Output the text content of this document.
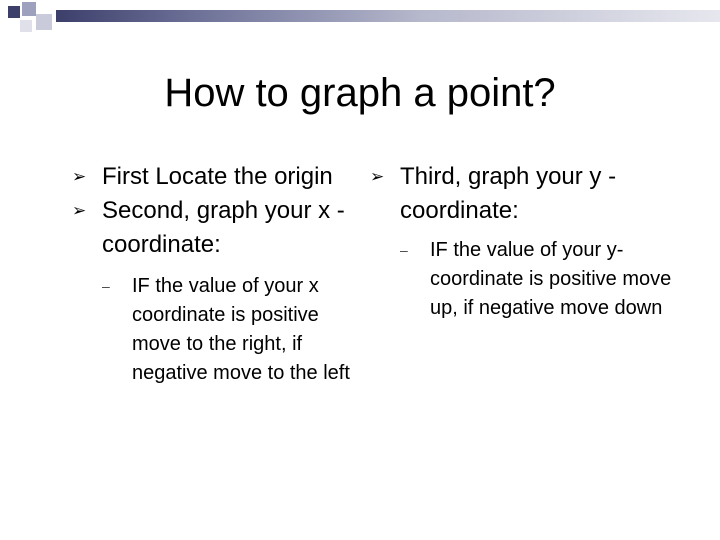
How to graph a point?
➢ First Locate the origin
➢ Second, graph your x -coordinate:
– IF the value of your x coordinate is positive move to the right, if negative move to the left
➢ Third, graph your y -coordinate:
– IF the value of your y-coordinate is positive move up, if negative move down
